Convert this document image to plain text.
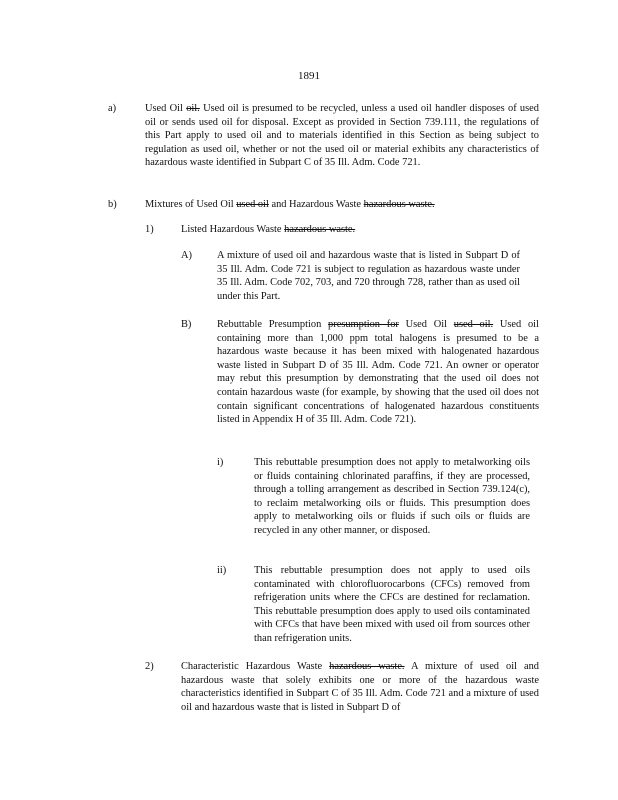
1891
a)	Used Oil oil. Used oil is presumed to be recycled, unless a used oil handler disposes of used oil or sends used oil for disposal. Except as provided in Section 739.111, the regulations of this Part apply to used oil and to materials identified in this Section as being subject to regulation as used oil, whether or not the used oil or material exhibits any characteristics of hazardous waste identified in Subpart C of 35 Ill. Adm. Code 721.

b)	Mixtures of Used Oil used oil and Hazardous Waste hazardous waste.

1)	Listed Hazardous Waste hazardous waste.

A) A mixture of used oil and hazardous waste that is listed in Subpart D of 35 Ill. Adm. Code 721 is subject to regulation as hazardous waste under 35 Ill. Adm. Code 702, 703, and 720 through 728, rather than as used oil under this Part.

B) Rebuttable Presumption presumption for Used Oil used oil. Used oil containing more than 1,000 ppm total halogens is presumed to be a hazardous waste because it has been mixed with halogenated hazardous waste listed in Subpart D of 35 Ill. Adm. Code 721. An owner or operator may rebut this presumption by demonstrating that the used oil does not contain hazardous waste (for example, by showing that the used oil does not contain significant concentrations of halogenated hazardous constituents listed in Appendix H of 35 Ill. Adm. Code 721).

i)	This rebuttable presumption does not apply to metalworking oils or fluids containing chlorinated paraffins, if they are processed, through a tolling arrangement as described in Section 739.124(c), to reclaim metalworking oils or fluids. This presumption does apply to metalworking oils or fluids if such oils or fluids are recycled in any other manner, or disposed.

ii)	This rebuttable presumption does not apply to used oils contaminated with chlorofluorocarbons (CFCs) removed from refrigeration units where the CFCs are destined for reclamation. This rebuttable presumption does apply to used oils contaminated with CFCs that have been mixed with used oil from sources other than refrigeration units.

2)	Characteristic Hazardous Waste hazardous waste. A mixture of used oil and hazardous waste that solely exhibits one or more of the hazardous waste characteristics identified in Subpart C of 35 Ill. Adm. Code 721 and a mixture of used oil and hazardous waste that is listed in Subpart D of
